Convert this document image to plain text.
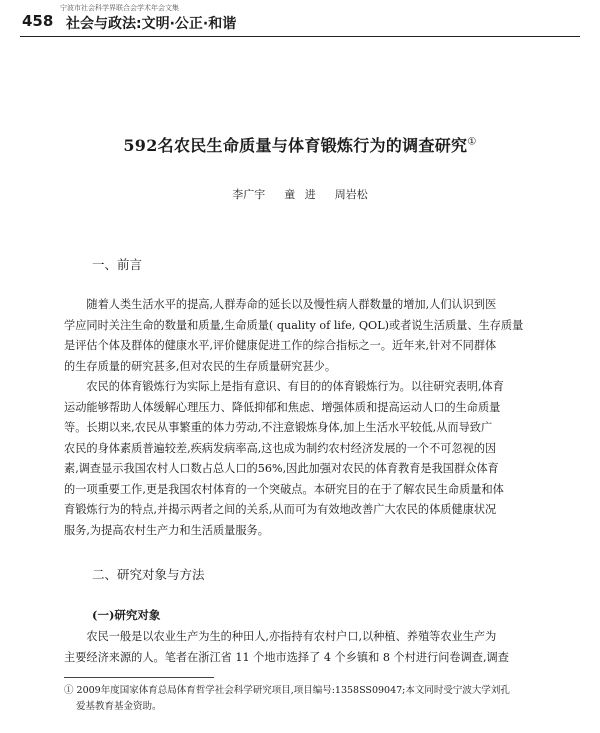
宁波市社会科学界联合会学术年会文集
458 社会与政法:文明·公正·和谐
592名农民生命质量与体育锻炼行为的调查研究①
李广宇  童 进  周岩松
一、前言
随着人类生活水平的提高,人群寿命的延长以及慢性病人群数量的增加,人们认识到医
学应同时关注生命的数量和质量,生命质量( quality of life, QOL)或者说生活质量、生存质量
是评估个体及群体的健康水平,评价健康促进工作的综合指标之一。近年来,针对不同群体
的生存质量的研究甚多,但对农民的生存质量研究甚少。
农民的体育锻炼行为实际上是指有意识、有目的的体育锻炼行为。以往研究表明,体育
运动能够帮助人体缓解心理压力、降低抑郁和焦虑、增强体质和提高运动人口的生命质量
等。长期以来,农民从事繁重的体力劳动,不注意锻炼身体,加上生活水平较低,从而导致广
农民的身体素质普遍较差,疾病发病率高,这也成为制约农村经济发展的一个不可忽视的因
素,调查显示我国农村人口数占总人口的56%,因此加强对农民的体育教育是我国群众体育
的一项重要工作,更是我国农村体育的一个突破点。本研究目的在于了解农民生命质量和体
育锻炼行为的特点,并揭示两者之间的关系,从而可为有效地改善广大农民的体质健康状况
服务,为提高农村生产力和生活质量服务。
二、研究对象与方法
(一)研究对象
农民一般是以农业生产为生的种田人,亦指持有农村户口,以种植、养殖等农业生产为
主要经济来源的人。笔者在浙江省 11 个地市选择了 4 个乡镇和 8 个村进行问卷调查,调查
① 2009年度国家体育总局体育哲学社会科学研究项目,项目编号:1358SS09047;本文同时受宁波大学刘孔
爱基教育基金资助。
